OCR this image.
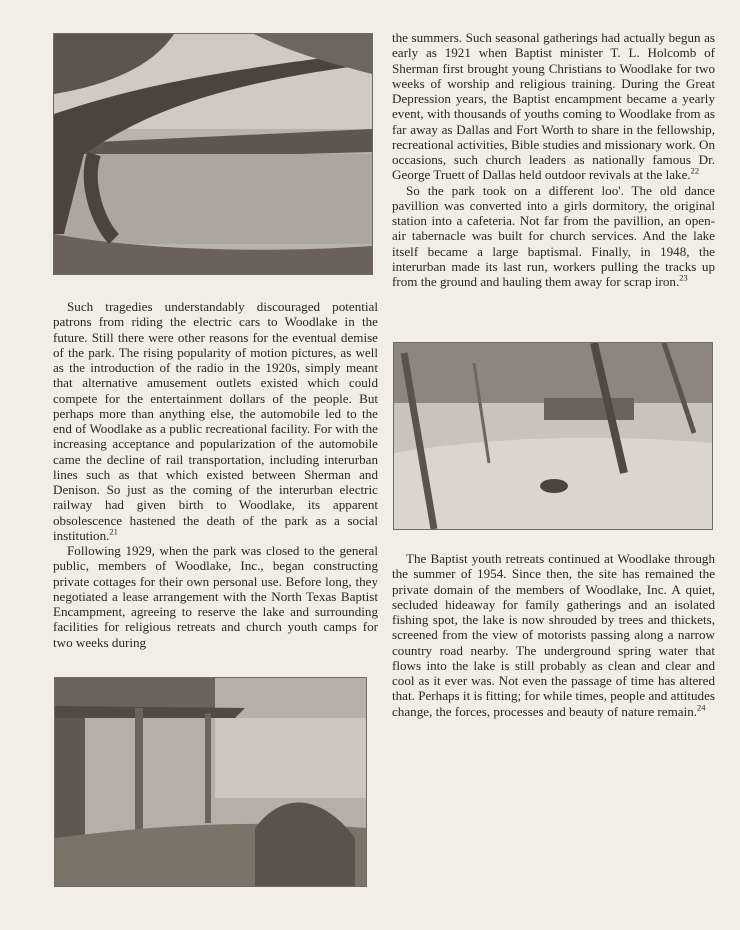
Such tragedies understandably discouraged potential patrons from riding the electric cars to Woodlake in the future. Still there were other reasons for the eventual demise of the park. The rising popularity of motion pictures, as well as the introduction of the radio in the 1920s, simply meant that alternative amusement outlets existed which could compete for the entertainment dollars of the people. But perhaps more than anything else, the automobile led to the end of Woodlake as a public recreational facility. For with the increasing acceptance and popularization of the automobile came the decline of rail transportation, including interurban lines such as that which existed between Sherman and Denison. So just as the coming of the interurban electric railway had given birth to Woodlake, its apparent obsolescence hastened the death of the park as a social institution.$^{21}$

Following 1929, when the park was closed to the general public, members of Woodlake, Inc., began constructing private cottages for their own personal use. Before long, they negotiated a lease arrangement with the North Texas Baptist Encampment, agreeing to reserve the lake and surrounding facilities for religious retreats and church youth camps for two weeks during

the summers. Such seasonal gatherings had actually begun as early as 1921 when Baptist minister T. L. Holcomb of Sherman first brought young Christians to Woodlake for two weeks of worship and religious training. During the Great Depression years, the Baptist encampment became a yearly event, with thousands of youths coming to Woodlake from as far away as Dallas and Fort Worth to share in the fellowship, recreational activities, Bible studies and missionary work. On occasions, such church leaders as nationally famous Dr. George Truett of Dallas held outdoor revivals at the lake.$^{22}$

So the park took on a different loo'. The old dance pavillion was converted into a girls dormitory, the original station into a cafeteria. Not far from the pavillion, an open-air tabernacle was built for church services. And the lake itself became a large baptismal. Finally, in 1948, the interurban made its last run, workers pulling the tracks up from the ground and hauling them away for scrap iron.$^{23}$

The Baptist youth retreats continued at Woodlake through the summer of 1954. Since then, the site has remained the private domain of the members of Woodlake, Inc. A quiet, secluded hideaway for family gatherings and an isolated fishing spot, the lake is now shrouded by trees and thickets, screened from the view of motorists passing along a narrow country road nearby. The underground spring water that flows into the lake is still probably as clean and clear and cool as it ever was. Not even the passage of time has altered that. Perhaps it is fitting; for while times, people and attitudes change, the forces, processes and beauty of nature remain.$^{24}$
